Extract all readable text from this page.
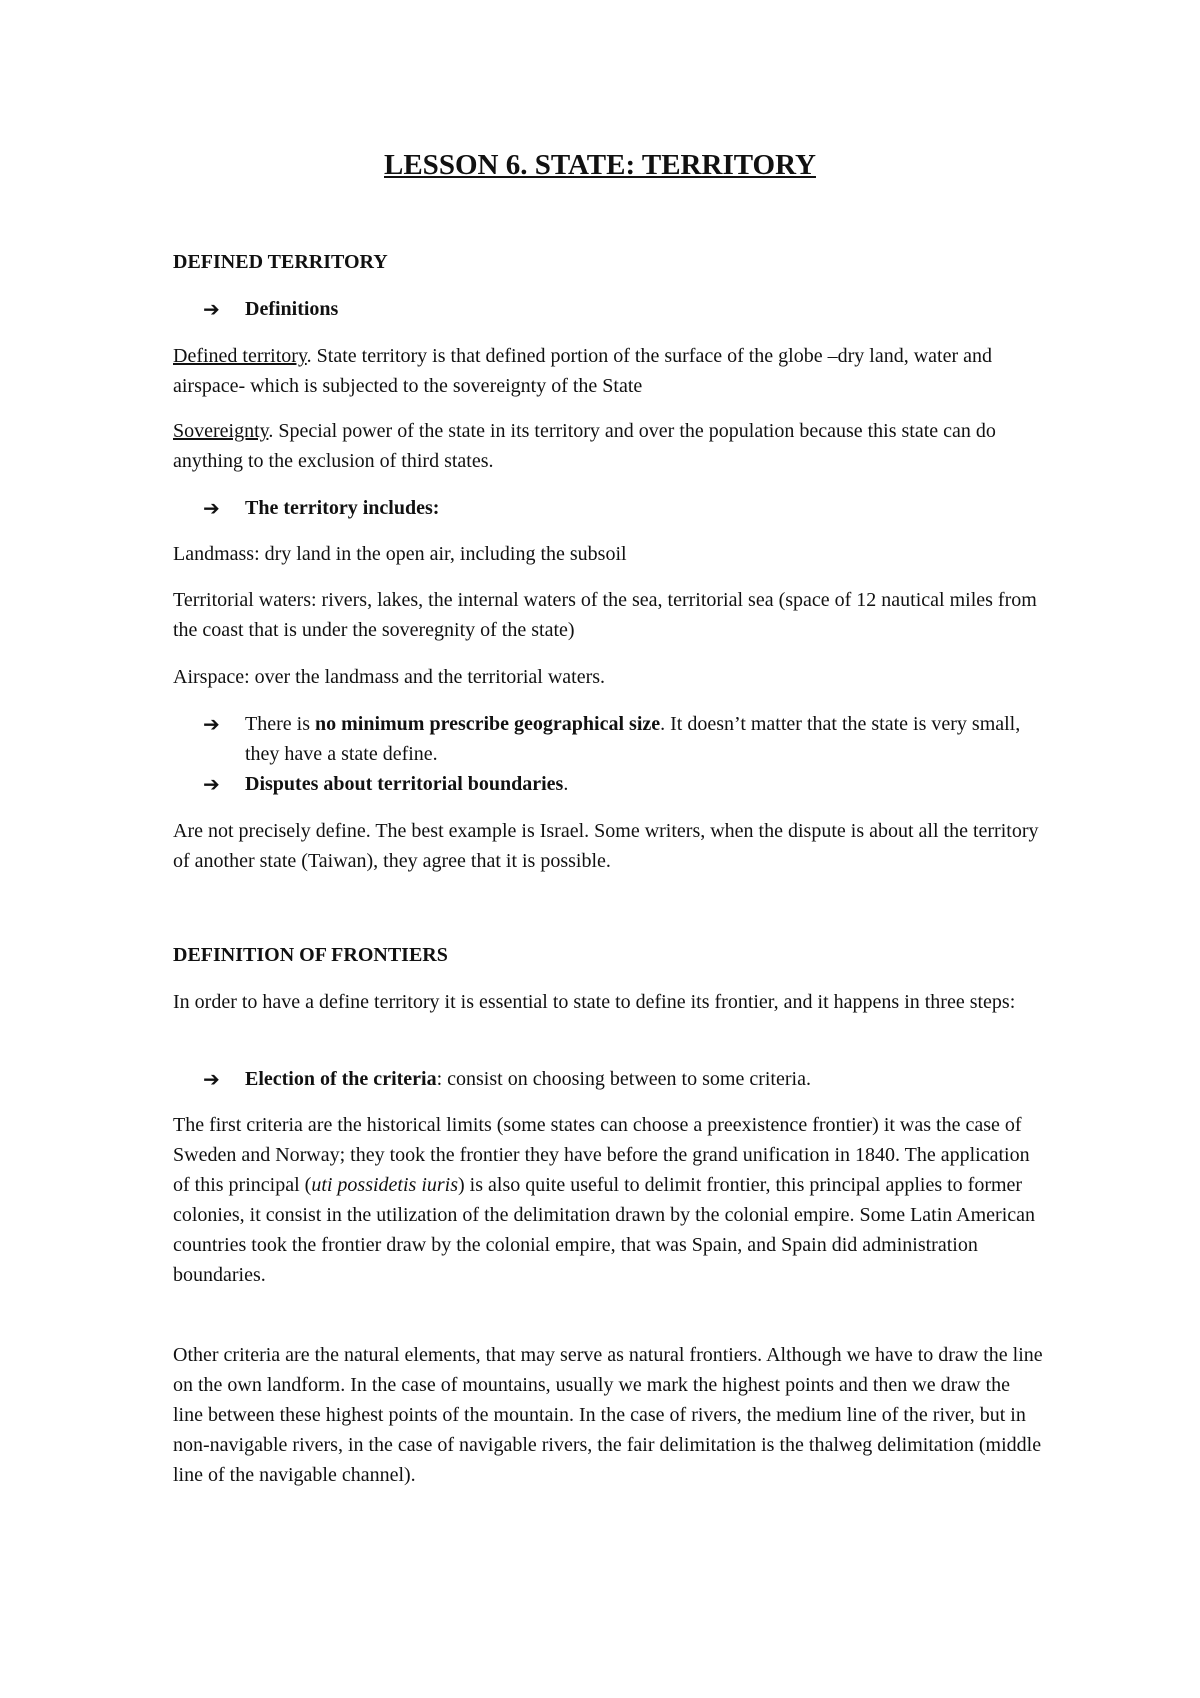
LESSON 6. STATE: TERRITORY
DEFINED TERRITORY
➔ Definitions
Defined territory. State territory is that defined portion of the surface of the globe –dry land, water and airspace- which is subjected to the sovereignty of the State
Sovereignty. Special power of the state in its territory and over the population because this state can do anything to the exclusion of third states.
➔ The territory includes:
Landmass: dry land in the open air, including the subsoil
Territorial waters: rivers, lakes, the internal waters of the sea, territorial sea (space of 12 nautical miles from the coast that is under the soveregnity of the state)
Airspace: over the landmass and the territorial waters.
➔ There is no minimum prescribe geographical size. It doesn’t matter that the state is very small, they have a state define.
➔ Disputes about territorial boundaries.
Are not precisely define. The best example is Israel. Some writers, when the dispute is about all the territory of another state (Taiwan), they agree that it is possible.
DEFINITION OF FRONTIERS
In order to have a define territory it is essential to state to define its frontier, and it happens in three steps:
➔ Election of the criteria: consist on choosing between to some criteria.
The first criteria are the historical limits (some states can choose a preexistence frontier) it was the case of Sweden and Norway; they took the frontier they have before the grand unification in 1840. The application of this principal (uti possidetis iuris) is also quite useful to delimit frontier, this principal applies to former colonies, it consist in the utilization of the delimitation drawn by the colonial empire. Some Latin American countries took the frontier draw by the colonial empire, that was Spain, and Spain did administration boundaries.
Other criteria are the natural elements, that may serve as natural frontiers. Although we have to draw the line on the own landform. In the case of mountains, usually we mark the highest points and then we draw the line between these highest points of the mountain. In the case of rivers, the medium line of the river, but in non-navigable rivers, in the case of navigable rivers, the fair delimitation is the thalweg delimitation (middle line of the navigable channel).
